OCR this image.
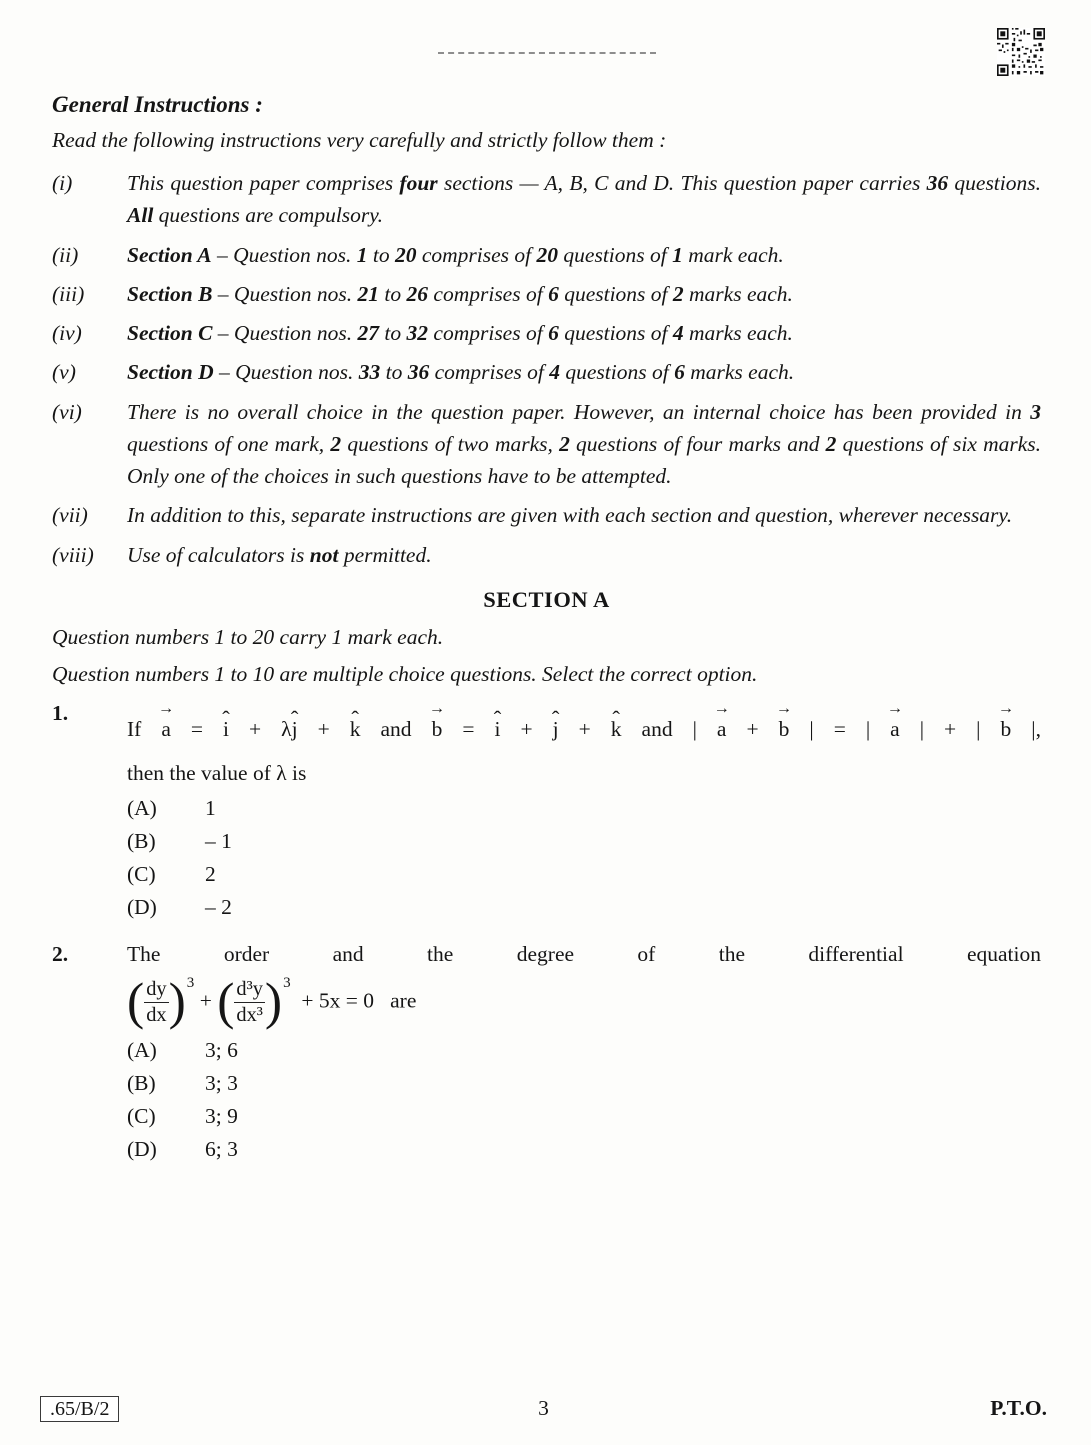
General Instructions :
Read the following instructions very carefully and strictly follow them :
(i)	This question paper comprises four sections — A, B, C and D. This question paper carries 36 questions. All questions are compulsory.
(ii)	Section A – Question nos. 1 to 20 comprises of 20 questions of 1 mark each.
(iii)	Section B – Question nos. 21 to 26 comprises of 6 questions of 2 marks each.
(iv)	Section C – Question nos. 27 to 32 comprises of 6 questions of 4 marks each.
(v)	Section D – Question nos. 33 to 36 comprises of 4 questions of 6 marks each.
(vi)	There is no overall choice in the question paper. However, an internal choice has been provided in 3 questions of one mark, 2 questions of two marks, 2 questions of four marks and 2 questions of six marks. Only one of the choices in such questions have to be attempted.
(vii)	In addition to this, separate instructions are given with each section and question, wherever necessary.
(viii)	Use of calculators is not permitted.
SECTION A
Question numbers 1 to 20 carry 1 mark each.
Question numbers 1 to 10 are multiple choice questions. Select the correct option.
1.
If → a = ˆ i + λˆ j + ˆ k and → b = ˆ i + ˆ j + ˆ k and | → a + → b | = | → a | + | → b |,
then the value of λ is
(A)	1
(B)	– 1
(C)	2
(D)	– 2
2.	The order and the degree of the differential equation
( $\frac{dy}{dx} )^3$ + ( $\frac{\text{d³y}}{\text{dx³}} )^3 + 5x = 0$   are
(A)	3; 6
(B)	3; 3
(C)	3; 9
(D)	6; 3
.65/B/2	3	P.T.O.
